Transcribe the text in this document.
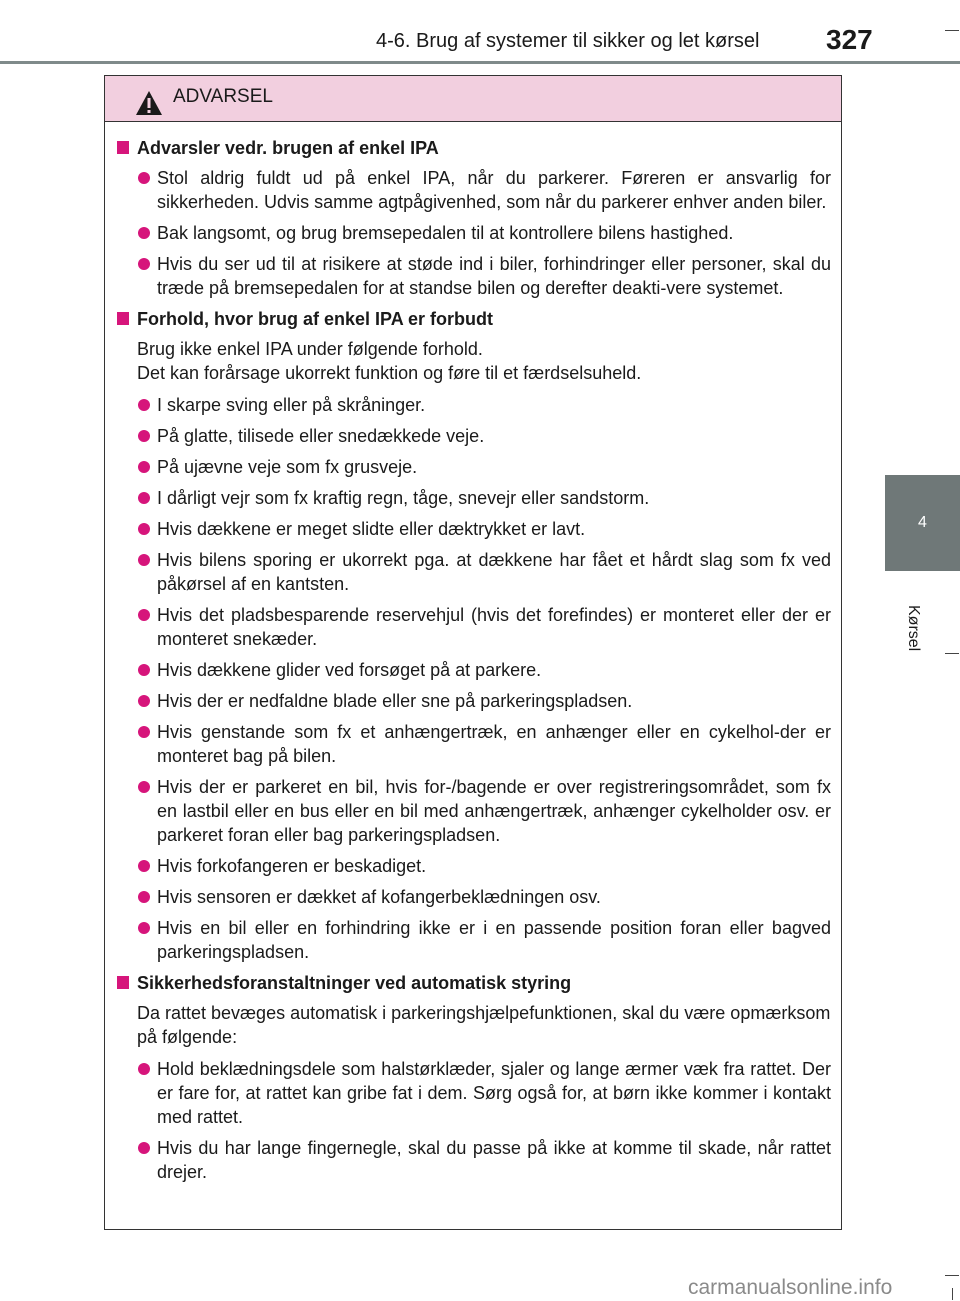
4-6. Brug af systemer til sikker og let kørsel 327
4
Kørsel
ADVARSEL
Advarsler vedr. brugen af enkel IPA
Stol aldrig fuldt ud på enkel IPA, når du parkerer. Føreren er ansvarlig for sikkerheden. Udvis samme agtpågivenhed, som når du parkerer enhver anden biler.
Bak langsomt, og brug bremsepedalen til at kontrollere bilens hastighed.
Hvis du ser ud til at risikere at støde ind i biler, forhindringer eller personer, skal du træde på bremsepedalen for at standse bilen og derefter deakti-vere systemet.
Forhold, hvor brug af enkel IPA er forbudt
Brug ikke enkel IPA under følgende forhold.
Det kan forårsage ukorrekt funktion og føre til et færdselsuheld.
I skarpe sving eller på skråninger.
På glatte, tilisede eller snedækkede veje.
På ujævne veje som fx grusveje.
I dårligt vejr som fx kraftig regn, tåge, snevejr eller sandstorm.
Hvis dækkene er meget slidte eller dæktrykket er lavt.
Hvis bilens sporing er ukorrekt pga. at dækkene har fået et hårdt slag som fx ved påkørsel af en kantsten.
Hvis det pladsbesparende reservehjul (hvis det forefindes) er monteret eller der er monteret snekæder.
Hvis dækkene glider ved forsøget på at parkere.
Hvis der er nedfaldne blade eller sne på parkeringspladsen.
Hvis genstande som fx et anhængertræk, en anhænger eller en cykelhol-der er monteret bag på bilen.
Hvis der er parkeret en bil, hvis for-/bagende er over registreringsområdet, som fx en lastbil eller en bus eller en bil med anhængertræk, anhænger cykelholder osv. er parkeret foran eller bag parkeringspladsen.
Hvis forkofangeren er beskadiget.
Hvis sensoren er dækket af kofangerbeklædningen osv.
Hvis en bil eller en forhindring ikke er i en passende position foran eller bagved parkeringspladsen.
Sikkerhedsforanstaltninger ved automatisk styring
Da rattet bevæges automatisk i parkeringshjælpefunktionen, skal du være opmærksom på følgende:
Hold beklædningsdele som halstørklæder, sjaler og lange ærmer væk fra rattet. Der er fare for, at rattet kan gribe fat i dem. Sørg også for, at børn ikke kommer i kontakt med rattet.
Hvis du har lange fingernegle, skal du passe på ikke at komme til skade, når rattet drejer.
carmanualsonline.info
